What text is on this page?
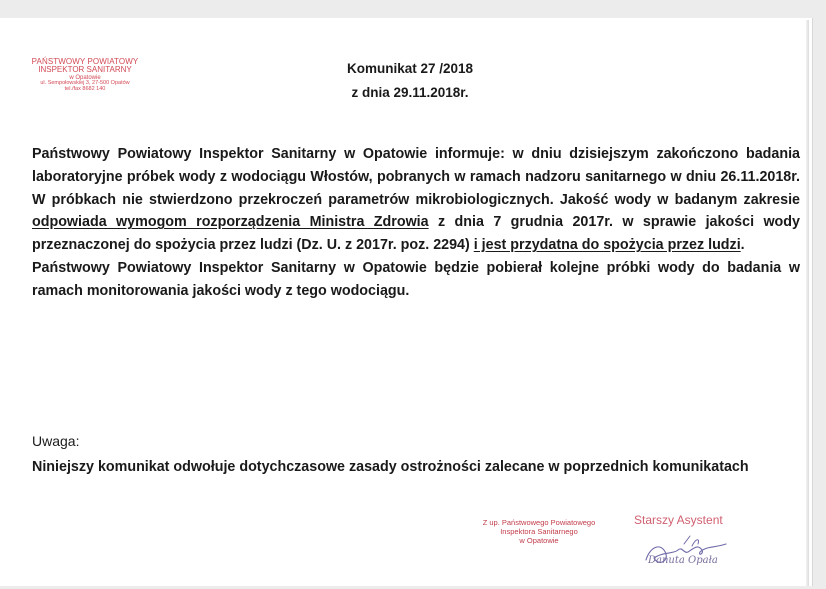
PAŃSTWOWY POWIATOWY
INSPEKTOR SANITARNY
w Opatowie
ul. Sempołowskiej 3, 27-500 Opatów
tel./fax 8682 140
Komunikat 27 /2018
z dnia 29.11.2018r.

Państwowy Powiatowy Inspektor Sanitarny w Opatowie informuje: w dniu dzisiejszym zakończono badania laboratoryjne próbek wody z wodociągu Włostów, pobranych w ramach nadzoru sanitarnego w dniu 26.11.2018r. W próbkach nie stwierdzono przekroczeń parametrów mikrobiologicznych. Jakość wody w badanym zakresie odpowiada wymogom rozporządzenia Ministra Zdrowia z dnia 7 grudnia 2017r. w sprawie jakości wody przeznaczonej do spożycia przez ludzi (Dz. U. z 2017r. poz. 2294) i jest przydatna do spożycia przez ludzi.

Państwowy Powiatowy Inspektor Sanitarny w Opatowie będzie pobierał kolejne próbki wody do badania w ramach monitorowania jakości wody z tego wodociągu.

Uwaga:

Niniejszy komunikat odwołuje dotychczasowe zasady ostrożności zalecane w poprzednich komunikatach

Z up. Państwowego Powiatowego
Inspektora Sanitarnego
w Opatowie
Starszy Asystent
Danuta Opała
